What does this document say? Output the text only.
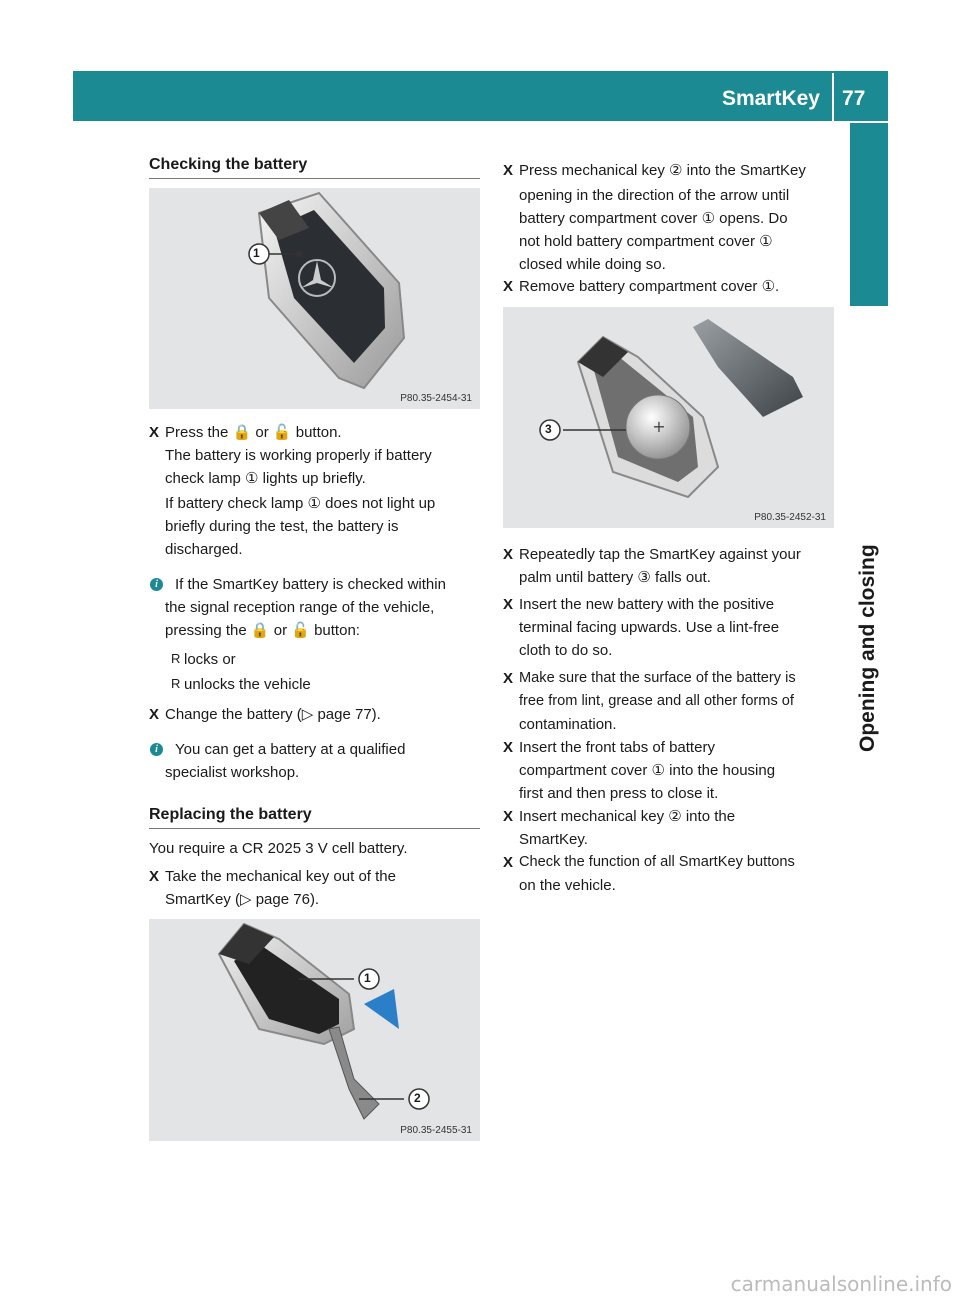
SmartKey 77
Opening and closing
Checking the battery
1
P80.35-2454-31
X Press the 🔒 or 🔓 button.
The battery is working properly if battery
check lamp ① lights up briefly.
If battery check lamp ① does not light up
briefly during the test, the battery is
discharged.
i	If the SmartKey battery is checked within
the signal reception range of the vehicle,
pressing the 🔒 or 🔓 button:
R locks or
R unlocks the vehicle
X Change the battery (▷ page 77).
i	You can get a battery at a qualified
specialist workshop.
Replacing the battery
You require a CR 2025 3 V cell battery.
X Take the mechanical key out of the
SmartKey (▷ page 76).
1
2
P80.35-2455-31
X Press mechanical key ② into the SmartKey
opening in the direction of the arrow until
battery compartment cover ① opens. Do
not hold battery compartment cover ①
closed while doing so.
X Remove battery compartment cover ①.
+
3
P80.35-2452-31
X Repeatedly tap the SmartKey against your
palm until battery ③ falls out.
X Insert the new battery with the positive
terminal facing upwards. Use a lint-free
cloth to do so.
X Make sure that the surface of the battery is
free from lint, grease and all other forms of
contamination.
X Insert the front tabs of battery
compartment cover ① into the housing
first and then press to close it.
X Insert mechanical key ② into the
SmartKey.
X Check the function of all SmartKey buttons
on the vehicle.
carmanualsonline.info
